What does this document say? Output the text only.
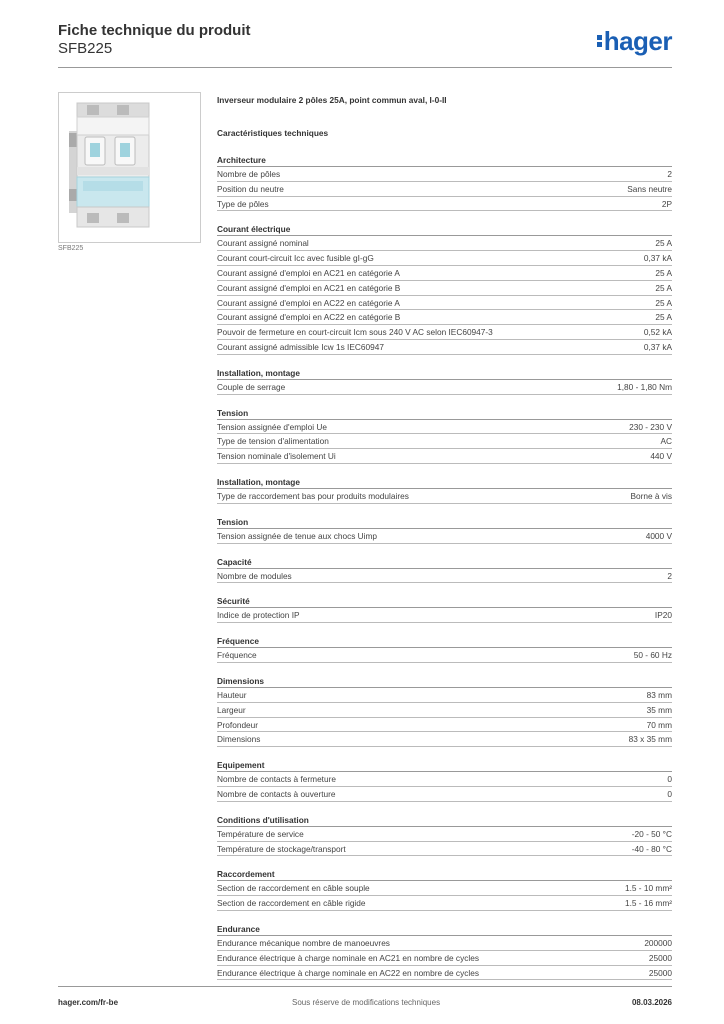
Fiche technique du produit
SFB225	hager
SFB225
Inverseur modulaire 2 pôles 25A, point commun aval, I-0-II
Caractéristiques techniques
Architecture
Nombre de pôles	2
Position du neutre	Sans neutre
Type de pôles	2P
Courant électrique
Courant assigné nominal	25 A
Courant court-circuit Icc avec fusible gI-gG	0,37 kA
Courant assigné d'emploi en AC21 en catégorie A	25 A
Courant assigné d'emploi en AC21 en catégorie B	25 A
Courant assigné d'emploi en AC22 en catégorie A	25 A
Courant assigné d'emploi en AC22 en catégorie B	25 A
Pouvoir de fermeture en court-circuit Icm sous 240 V AC selon IEC60947-3	0,52 kA
Courant assigné admissible Icw 1s IEC60947	0,37 kA
Installation, montage
Couple de serrage	1,80 - 1,80 Nm
Tension
Tension assignée d'emploi Ue	230 - 230 V
Type de tension d'alimentation	AC
Tension nominale d'isolement Ui	440 V
Installation, montage
Type de raccordement bas pour produits modulaires	Borne à vis
Tension
Tension assignée de tenue aux chocs Uimp	4000 V
Capacité
Nombre de modules	2
Sécurité
Indice de protection IP	IP20
Fréquence
Fréquence	50 - 60 Hz
Dimensions
Hauteur	83 mm
Largeur	35 mm
Profondeur	70 mm
Dimensions	83 x 35 mm
Equipement
Nombre de contacts à fermeture	0
Nombre de contacts à ouverture	0
Conditions d'utilisation
Température de service	-20 - 50 °C
Température de stockage/transport	-40 - 80 °C
Raccordement
Section de raccordement en câble souple	1.5 - 10 mm²
Section de raccordement en câble rigide	1.5 - 16 mm²
Endurance
Endurance mécanique nombre de manoeuvres	200000
Endurance électrique à charge nominale en AC21 en nombre de cycles	25000
Endurance électrique à charge nominale en AC22 en nombre de cycles	25000
hager.com/fr-be	Sous réserve de modifications techniques	08.03.2026
